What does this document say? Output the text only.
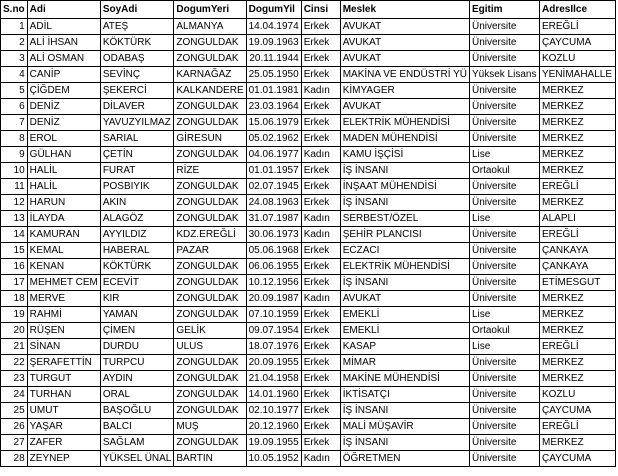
S.no	Adi	SoyAdi	DogumYeri	DogumYil	Cinsi	Meslek	Egitim	AdresIlce
1	ADİL	ATEŞ	ALMANYA	14.04.1974	Erkek	AVUKAT	Üniversite	EREĞLİ
2	ALİ İHSAN	KÖKTÜRK	ZONGULDAK	19.09.1963	Erkek	AVUKAT	Üniversite	ÇAYCUMA
3	ALİ OSMAN	ODABAŞ	ZONGULDAK	20.11.1944	Erkek	AVUKAT	Üniversite	KOZLU
4	CANİP	SEVİNÇ	KARNAĞAZ	25.05.1950	Erkek	MAKİNA VE ENDÜSTRİ YÜ	Yüksek Lisans	YENİMAHALLE
5	ÇİĞDEM	ŞEKERCİ	KALKANDERE	01.01.1981	Kadın	KİMYAGER	Üniversite	MERKEZ
6	DENİZ	DİLAVER	ZONGULDAK	23.03.1964	Erkek	AVUKAT	Üniversite	MERKEZ
7	DENİZ	YAVUZYILMAZ	ZONGULDAK	15.06.1979	Erkek	ELEKTRİK MÜHENDİSİ	Üniversite	MERKEZ
8	EROL	SARIAL	GİRESUN	05.02.1962	Erkek	MADEN MÜHENDİSİ	Üniversite	MERKEZ
9	GÜLHAN	ÇETİN	ZONGULDAK	04.06.1977	Kadın	KAMU İŞÇİSİ	Lise	MERKEZ
10	HALİL	FURAT	RİZE	01.01.1957	Erkek	İŞ İNSANI	Ortaokul	MERKEZ
11	HALİL	POSBIYIK	ZONGULDAK	02.07.1945	Erkek	İNŞAAT MÜHENDİSİ	Üniversite	EREĞLİ
12	HARUN	AKIN	ZONGULDAK	24.08.1963	Erkek	İŞ İNSANI	Üniversite	MERKEZ
13	İLAYDA	ALAGÖZ	ZONGULDAK	31.07.1987	Kadın	SERBEST/ÖZEL	Lise	ALAPLI
14	KAMURAN	AYYILDIZ	KDZ.EREĞLİ	30.06.1973	Kadın	ŞEHİR PLANCISI	Üniversite	EREĞLİ
15	KEMAL	HABERAL	PAZAR	05.06.1968	Erkek	ECZACI	Üniversite	ÇANKAYA
16	KENAN	KÖKTÜRK	ZONGULDAK	06.06.1955	Erkek	ELEKTRİK MÜHENDİSİ	Üniversite	ÇANKAYA
17	MEHMET CEM	ECEVİT	ZONGULDAK	10.12.1956	Erkek	İŞ İNSANI	Üniversite	ETİMESGUT
18	MERVE	KIR	ZONGULDAK	20.09.1987	Kadın	AVUKAT	Üniversite	MERKEZ
19	RAHMİ	YAMAN	ZONGULDAK	07.10.1959	Erkek	EMEKLİ	Lise	MERKEZ
20	RÜŞEN	ÇİMEN	GELİK	09.07.1954	Erkek	EMEKLİ	Ortaokul	MERKEZ
21	SİNAN	DURDU	ULUS	18.07.1976	Erkek	KASAP	Lise	EREĞLİ
22	ŞERAFETTİN	TURPCU	ZONGULDAK	20.09.1955	Erkek	MİMAR	Üniversite	MERKEZ
23	TURGUT	AYDIN	ZONGULDAK	21.04.1958	Erkek	MAKİNE MÜHENDİSİ	Üniversite	MERKEZ
24	TURHAN	ORAL	ZONGULDAK	14.01.1960	Erkek	İKTİSATÇI	Üniversite	KOZLU
25	UMUT	BAŞOĞLU	ZONGULDAK	02.10.1977	Erkek	İŞ İNSANI	Üniversite	ÇAYCUMA
26	YAŞAR	BALCI	MUŞ	20.12.1960	Erkek	MALİ MÜŞAVİR	Üniversite	EREĞLİ
27	ZAFER	SAĞLAM	ZONGULDAK	19.09.1955	Erkek	İŞ İNSANI	Üniversite	MERKEZ
28	ZEYNEP	YÜKSEL ÜNAL	BARTIN	10.05.1952	Kadın	ÖĞRETMEN	Üniversite	ÇAYCUMA
